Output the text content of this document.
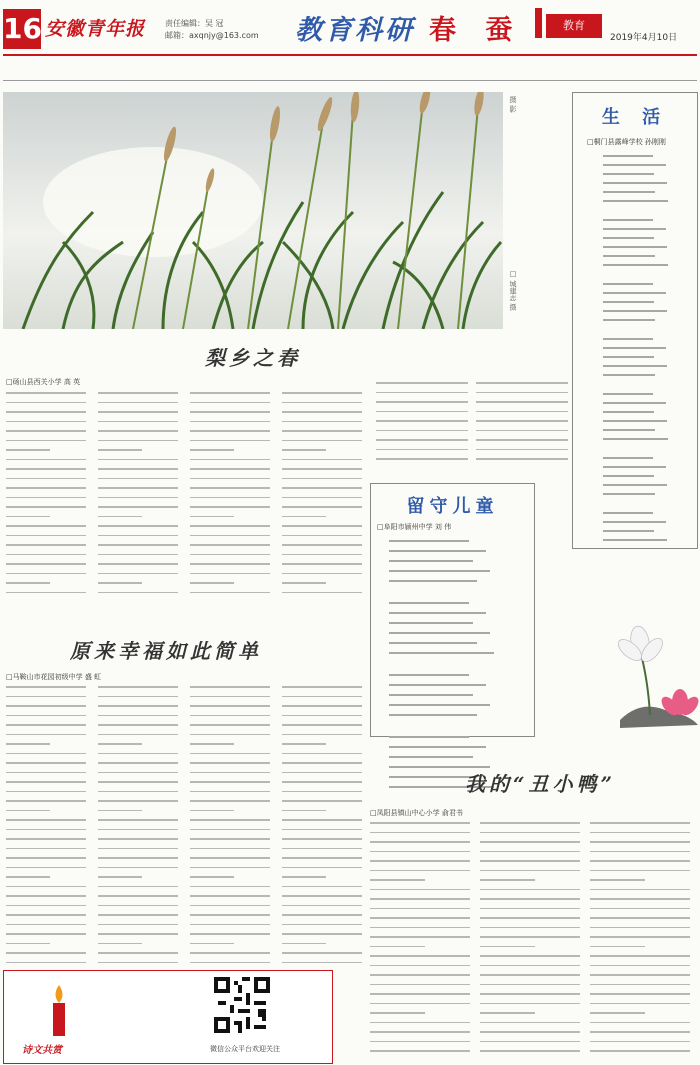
16 安徽青年报 责任编辑：吴 冠
邮箱：axqnjy@163.com 教育科研 春 蚕	教育
2019年4月10日
摄 影
□ 城建志 摄
生 活
□桐门县露峰学校 孙刚刚
梨乡之春
□砀山县西关小学 高 英
留守儿童
□阜阳市颍州中学 刘 伟
原来幸福如此简单
□马鞍山市花园初级中学 盛 虹
我的“丑小鸭”
□凤阳县镇山中心小学 俞君书
诗文共赏	微信公众平台欢迎关注
